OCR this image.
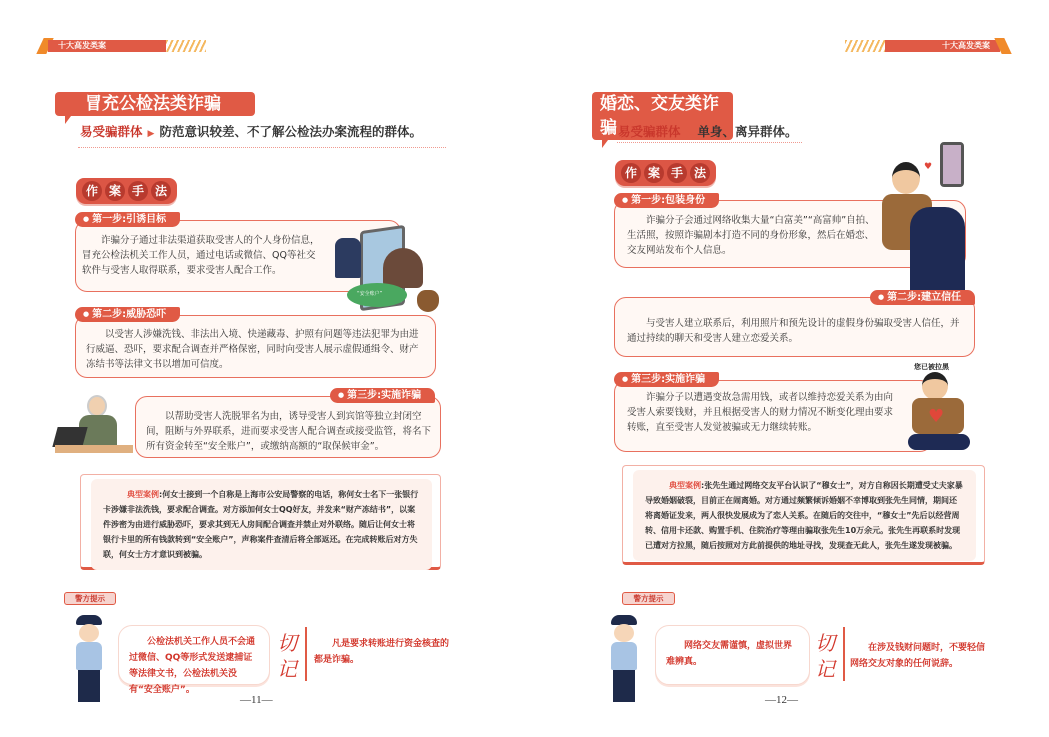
十大高发类案
冒充公检法类诈骗
易受骗群体 ▶ 防范意识较差、不了解公检法办案流程的群体。
作 案 手 法
诈骗分子通过非法渠道获取受害人的个人身份信息，冒充公检法机关工作人员，通过电话或微信、QQ等社交软件与受害人取得联系，要求受害人配合工作。
● 第一步:引诱目标
“安全账户”
以受害人涉嫌洗钱、非法出入境、快递藏毒、护照有问题等违法犯罪为由进行威逼、恐吓，要求配合调查并严格保密，同时向受害人展示虚假通缉令、财产冻结书等法律文书以增加可信度。
● 第二步:威胁恐吓
以帮助受害人洗脱罪名为由，诱导受害人到宾馆等独立封闭空间，阻断与外界联系，进而要求受害人配合调查或接受监管，将名下所有资金转至“安全账户”，或缴纳高额的“取保候审金”。
● 第三步:实施诈骗
典型案例:何女士接到一个自称是上海市公安局警察的电话，称何女士名下一张银行卡涉嫌非法洗钱，要求配合调查。对方添加何女士QQ好友，并发来“财产冻结书”，以案件涉密为由进行威胁恐吓，要求其到无人房间配合调查并禁止对外联络。随后让何女士将银行卡里的所有钱款转到“安全账户”，声称案件查清后将全部返还。在完成转账后对方失联，何女士方才意识到被骗。
警方提示
公检法机关工作人员不会通过微信、QQ等形式发送逮捕证等法律文书，公检法机关没有“安全账户”。
切记
凡是要求转账进行资金核查的都是诈骗。
—11—
十大高发类案
婚恋、交友类诈骗 易受骗群体 ▶ 单身、离异群体。
作 案 手 法	♥
诈骗分子会通过网络收集大量“白富美”“高富帅”自拍、生活照，按照诈骗剧本打造不同的身份形象，然后在婚恋、交友网站发布个人信息。
● 第一步:包装身份
与受害人建立联系后，利用照片和预先设计的虚假身份骗取受害人信任，并通过持续的聊天和受害人建立恋爱关系。
● 第二步:建立信任
诈骗分子以遭遇变故急需用钱，或者以维持恋爱关系为由向受害人索要钱财，并且根据受害人的财力情况不断变化理由要求转账，直至受害人发觉被骗或无力继续转账。
● 第三步:实施诈骗
您已被拉黑
♥
典型案例:张先生通过网络交友平台认识了“穆女士”，对方自称因长期遭受丈夫家暴导致婚姻破裂，目前正在闹离婚。对方通过频繁倾诉婚姻不幸博取到张先生同情，期间还将离婚证发来，两人很快发展成为了恋人关系。在随后的交往中，“穆女士”先后以经营周转、信用卡还款、购置手机、住院治疗等理由骗取张先生10万余元。张先生再联系时发现已遭对方拉黑，随后按照对方此前提供的地址寻找，发现查无此人，张先生遂发现被骗。
警方提示
网络交友需谨慎，虚拟世界难辨真。
切记
在涉及钱财问题时，不要轻信网络交友对象的任何说辞。
—12—
